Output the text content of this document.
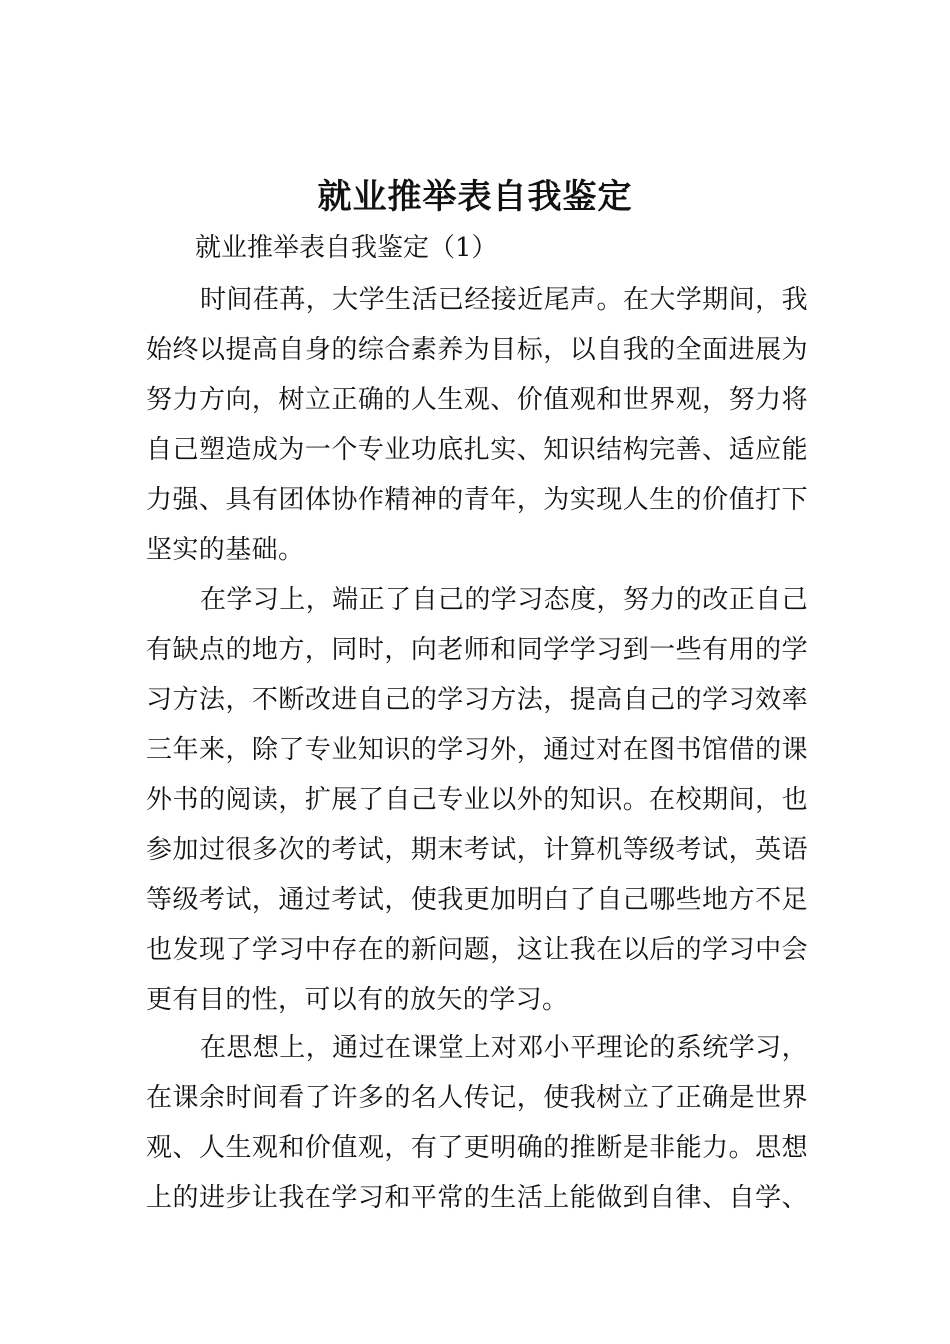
就业推举表自我鉴定
就业推举表自我鉴定（1）
时间荏苒，大学生活已经接近尾声。在大学期间，我
始终以提高自身的综合素养为目标，以自我的全面进展为
努力方向，树立正确的人生观、价值观和世界观，努力将
自己塑造成为一个专业功底扎实、知识结构完善、适应能
力强、具有团体协作精神的青年，为实现人生的价值打下
坚实的基础。
在学习上，端正了自己的学习态度，努力的改正自己
有缺点的地方，同时，向老师和同学学习到一些有用的学
习方法，不断改进自己的学习方法，提高自己的学习效率
三年来，除了专业知识的学习外，通过对在图书馆借的课
外书的阅读，扩展了自己专业以外的知识。在校期间，也
参加过很多次的考试，期末考试，计算机等级考试，英语
等级考试，通过考试，使我更加明白了自己哪些地方不足
也发现了学习中存在的新问题，这让我在以后的学习中会
更有目的性，可以有的放矢的学习。
在思想上，通过在课堂上对邓小平理论的系统学习，
在课余时间看了许多的名人传记，使我树立了正确是世界
观、人生观和价值观，有了更明确的推断是非能力。思想
上的进步让我在学习和平常的生活上能做到自律、自学、
